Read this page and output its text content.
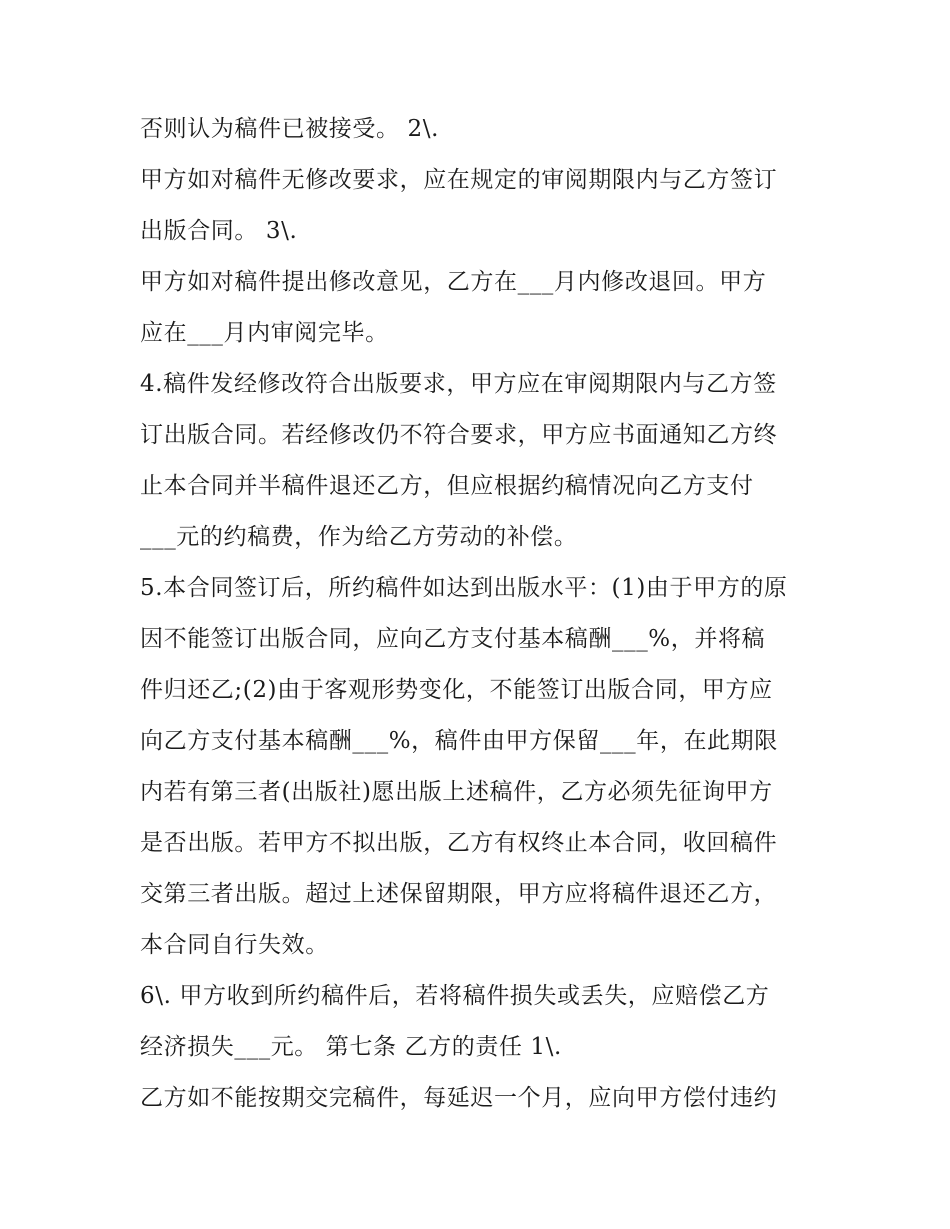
否则认为稿件已被接受。 2\.
甲方如对稿件无修改要求，应在规定的审阅期限内与乙方签订
出版合同。 3\.
甲方如对稿件提出修改意见，乙方在___月内修改退回。甲方
应在___月内审阅完毕。
4.稿件发经修改符合出版要求，甲方应在审阅期限内与乙方签
订出版合同。若经修改仍不符合要求，甲方应书面通知乙方终
止本合同并半稿件退还乙方，但应根据约稿情况向乙方支付
___元的约稿费，作为给乙方劳动的补偿。
5.本合同签订后，所约稿件如达到出版水平：(1)由于甲方的原
因不能签订出版合同，应向乙方支付基本稿酬___%，并将稿
件归还乙;(2)由于客观形势变化，不能签订出版合同，甲方应
向乙方支付基本稿酬___%，稿件由甲方保留___年，在此期限
内若有第三者(出版社)愿出版上述稿件，乙方必须先征询甲方
是否出版。若甲方不拟出版，乙方有权终止本合同，收回稿件
交第三者出版。超过上述保留期限，甲方应将稿件退还乙方，
本合同自行失效。
6\. 甲方收到所约稿件后，若将稿件损失或丢失，应赔偿乙方
经济损失___元。 第七条 乙方的责任 1\.
乙方如不能按期交完稿件，每延迟一个月，应向甲方偿付违约
